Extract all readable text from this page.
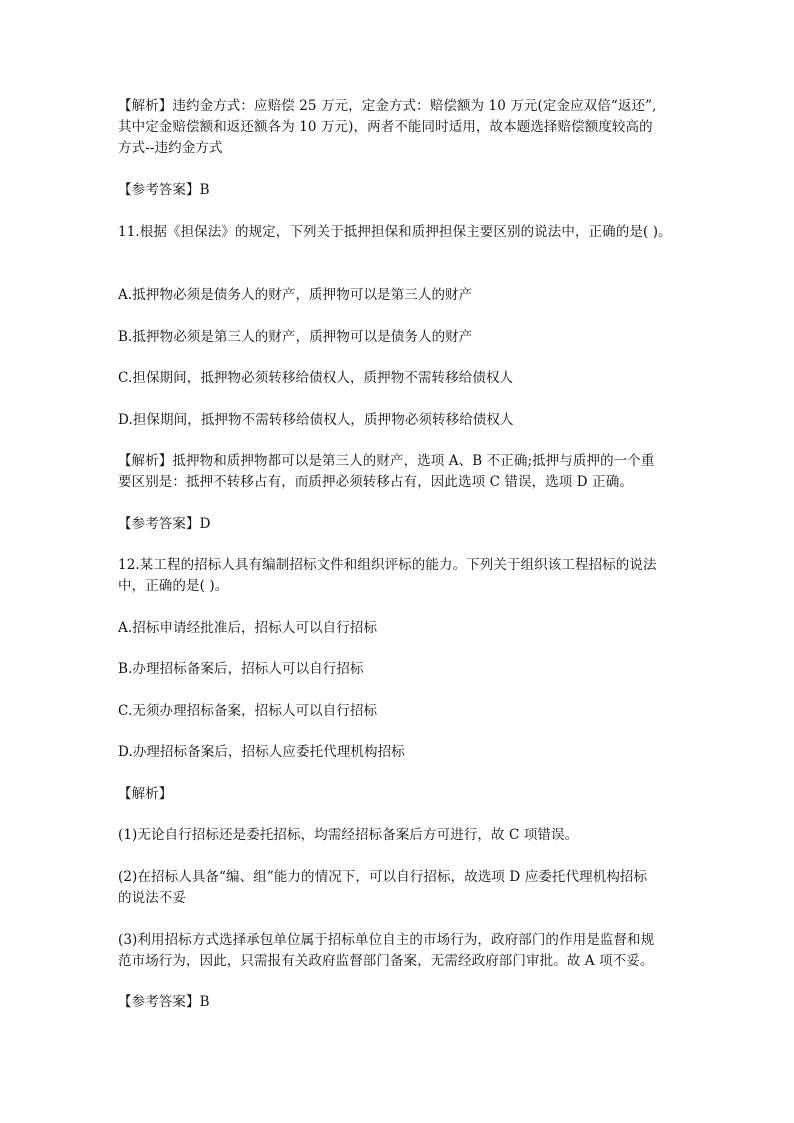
【解析】违约金方式：应赔偿 25 万元，定金方式：赔偿额为 10 万元(定金应双倍“返还”,
其中定金赔偿额和返还额各为 10 万元)，两者不能同时适用，故本题选择赔偿额度较高的
方式--违约金方式
【参考答案】B
11.根据《担保法》的规定，下列关于抵押担保和质押担保主要区别的说法中，正确的是( )。
A.抵押物必须是债务人的财产，质押物可以是第三人的财产
B.抵押物必须是第三人的财产，质押物可以是债务人的财产
C.担保期间，抵押物必须转移给债权人，质押物不需转移给债权人
D.担保期间，抵押物不需转移给债权人，质押物必须转移给债权人
【解析】抵押物和质押物都可以是第三人的财产，选项 A、B 不正确;抵押与质押的一个重
要区别是：抵押不转移占有，而质押必须转移占有，因此选项 C 错误，选项 D 正确。
【参考答案】D
12.某工程的招标人具有编制招标文件和组织评标的能力。下列关于组织该工程招标的说法
中，正确的是( )。
A.招标申请经批准后，招标人可以自行招标
B.办理招标备案后，招标人可以自行招标
C.无须办理招标备案，招标人可以自行招标
D.办理招标备案后，招标人应委托代理机构招标
【解析】
(1)无论自行招标还是委托招标，均需经招标备案后方可进行，故 C 项错误。
(2)在招标人具备“编、组”能力的情况下，可以自行招标，故选项 D 应委托代理机构招标
的说法不妥
(3)利用招标方式选择承包单位属于招标单位自主的市场行为，政府部门的作用是监督和规
范市场行为，因此，只需报有关政府监督部门备案，无需经政府部门审批。故 A 项不妥。
【参考答案】B
